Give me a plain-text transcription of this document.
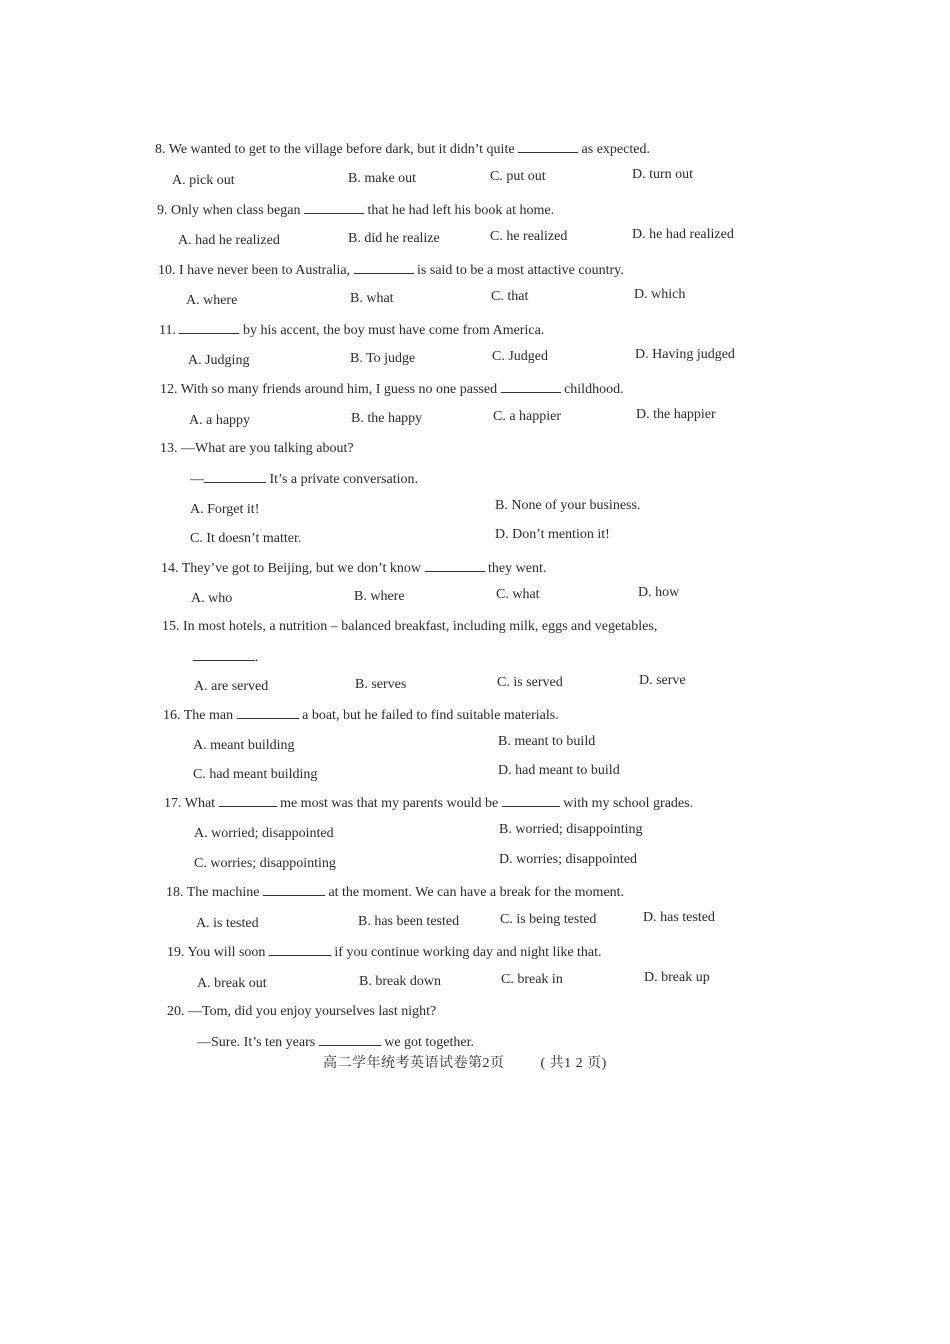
8. We wanted to get to the village before dark, but it didn’t quite	as expected.
A. pick out	B. make out	C. put out	D. turn out
9. Only when class began	that he had left his book at home.
A. had he realized	B. did he realize	C. he realized	D. he had realized
10. I have never been to Australia,	is said to be a most attactive country.
A. where	B. what	C. that	D. which
11.	by his accent, the boy must have come from America.
A. Judging	B. To judge	C. Judged	D. Having judged
12. With so many friends around him, I guess no one passed	childhood.
A. a happy	B. the happy	C. a happier	D. the happier
13. —What are you talking about?
—	It’s a private conversation.
A. Forget it!	B. None of your business.
C. It doesn’t matter.	D. Don’t mention it!
14. They’ve got to Beijing, but we don’t know	they went.
A. who	B. where	C. what	D. how
15. In most hotels, a nutrition – balanced breakfast, including milk, eggs and vegetables,
.
A. are served	B. serves	C. is served	D. serve
16. The man	a boat, but he failed to find suitable materials.
A. meant building	B. meant to build
C. had meant building	D. had meant to build
17. What	me most was that my parents would be	with my school grades.
A. worried; disappointed	B. worried; disappointing
C. worries; disappointing	D. worries; disappointed
18. The machine	at the moment. We can have a break for the moment.
A. is tested	B. has been tested	C. is being tested	D. has tested
19. You will soon	if you continue working day and night like that.
A. break out	B. break down	C. break in	D. break up
20. —Tom, did you enjoy yourselves last night?
—Sure. It’s ten years	we got together.
高二学年统考英语试卷第2页	( 共1 2 页)
